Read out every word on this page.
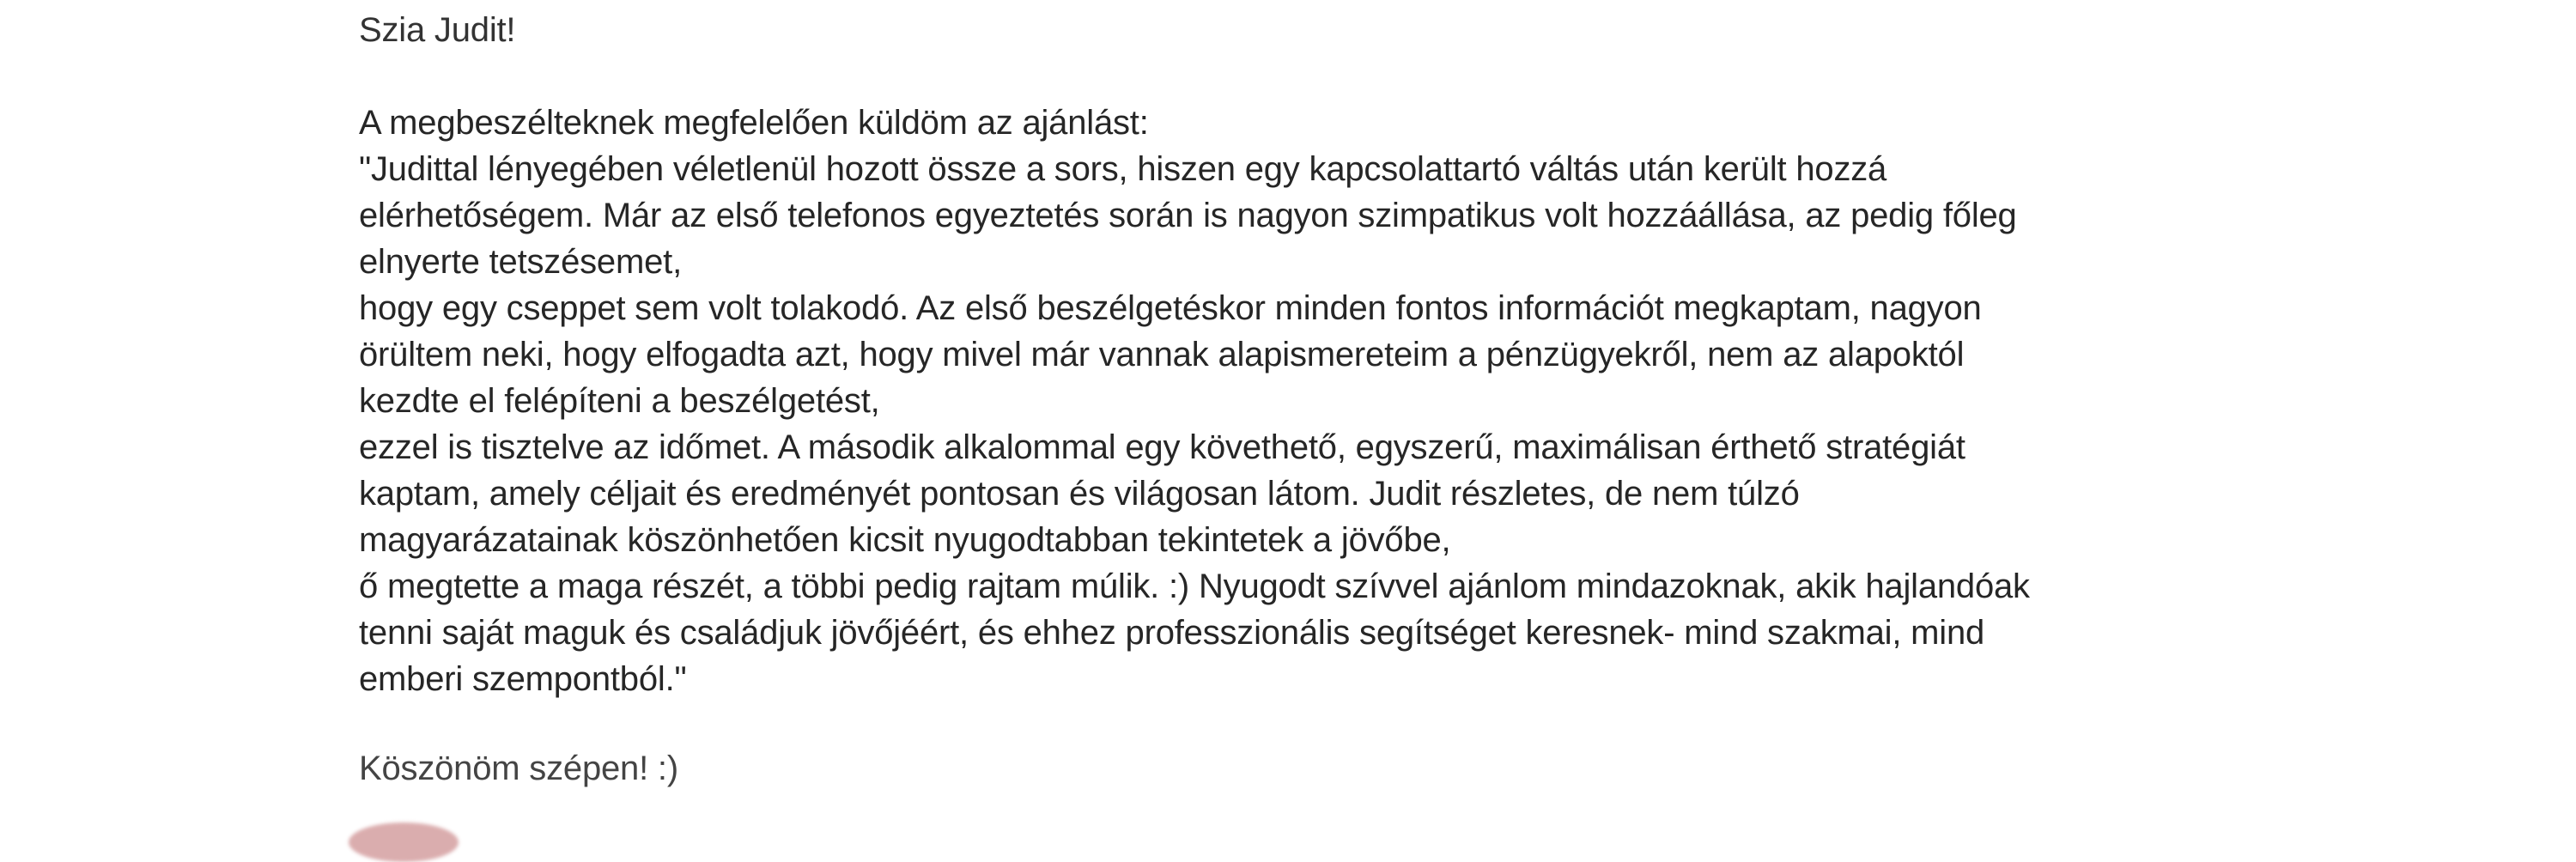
Szia Judit!

A megbeszélteknek megfelelően küldöm az ajánlást:

"Judittal lényegében véletlenül hozott össze a sors, hiszen egy kapcsolattartó váltás után került hozzá
elérhetőségem. Már az első telefonos egyeztetés során is nagyon szimpatikus volt hozzáállása, az pedig főleg
elnyerte tetszésemet,
hogy egy cseppet sem volt tolakodó. Az első beszélgetéskor minden fontos információt megkaptam, nagyon
örültem neki, hogy elfogadta azt, hogy mivel már vannak alapismereteim a pénzügyekről, nem az alapoktól
kezdte el felépíteni a beszélgetést,
ezzel is tisztelve az időmet. A második alkalommal egy követhető, egyszerű, maximálisan érthető stratégiát
kaptam, amely céljait és eredményét pontosan és világosan látom. Judit részletes, de nem túlzó
magyarázatainak köszönhetően kicsit nyugodtabban tekintetek a jövőbe,
ő megtette a maga részét, a többi pedig rajtam múlik. :) Nyugodt szívvel ajánlom mindazoknak, akik hajlandóak
tenni saját maguk és családjuk jövőjéért, és ehhez professzionális segítséget keresnek- mind szakmai, mind
emberi szempontból."

Köszönöm szépen! :)
